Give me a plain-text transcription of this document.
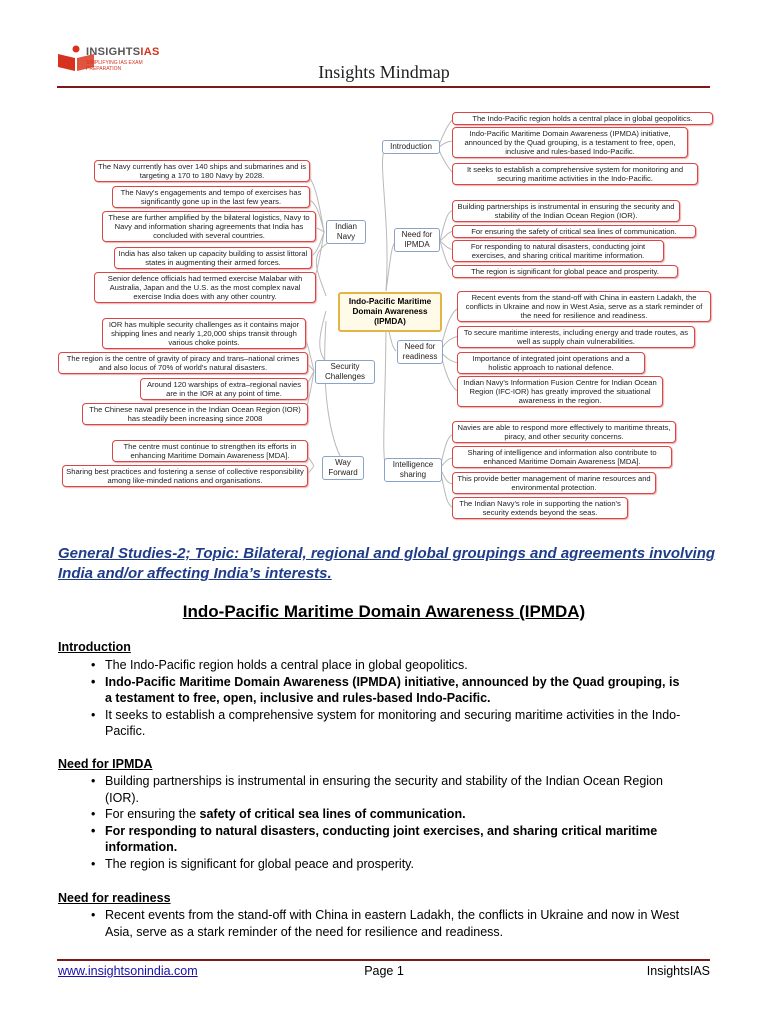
INSIGHTSIAS
SIMPLIFYING IAS EXAM PREPARATION	Insights Mindmap
Indo-Pacific Maritime Domain Awareness (IPMDA)
Introduction
Need for IPMDA
Need for readiness
Intelligence sharing
Indian Navy
Security Challenges
Way Forward
The Indo-Pacific region holds a central place in global geopolitics.
Indo-Pacific Maritime Domain Awareness (IPMDA) initiative, announced by the Quad grouping, is a testament to free, open, inclusive and rules-based Indo-Pacific.
It seeks to establish a comprehensive system for monitoring and securing maritime activities in the Indo-Pacific.
Building partnerships is instrumental in ensuring the security and stability of the Indian Ocean Region (IOR).
For ensuring the safety of critical sea lines of communication.
For responding to natural disasters, conducting joint exercises, and sharing critical maritime information.
The region is significant for global peace and prosperity.
Recent events from the stand-off with China in eastern Ladakh, the conflicts in Ukraine and now in West Asia, serve as a stark reminder of the need for resilience and readiness.
To secure maritime interests, including energy and trade routes, as well as supply chain vulnerabilities.
Importance of integrated joint operations and a holistic approach to national defence.
Indian Navy's Information Fusion Centre for Indian Ocean Region (IFC-IOR) has greatly improved the situational awareness in the region.
Navies are able to respond more effectively to maritime threats, piracy, and other security concerns.
Sharing of intelligence and information also contribute to enhanced Maritime Domain Awareness [MDA].
This provide better management of marine resources and environmental protection.
The Indian Navy's role in supporting the nation's security extends beyond the seas.
The Navy currently has over 140 ships and submarines and is targeting a 170 to 180 Navy by 2028.
The Navy's engagements and tempo of exercises has significantly gone up in the last few years.
These are further amplified by the bilateral logistics, Navy to Navy and information sharing agreements that India has concluded with several countries.
India has also taken up capacity building to assist littoral states in augmenting their armed forces.
Senior defence officials had termed exercise Malabar with Australia, Japan and the U.S. as the most complex naval exercise India does with any other country.
IOR has multiple security challenges as it contains major shipping lines and nearly 1,20,000 ships transit through various choke points.
The region is the centre of gravity of piracy and trans–national crimes and also locus of 70% of world's natural disasters.
Around 120 warships of extra–regional navies are in the IOR at any point of time.
The Chinese naval presence in the Indian Ocean Region (IOR) has steadily been increasing since 2008
The centre must continue to strengthen its efforts in enhancing Maritime Domain Awareness [MDA].
Sharing best practices and fostering a sense of collective responsibility among like-minded nations and organisations.
General Studies-2; Topic: Bilateral, regional and global groupings and agreements involving India and/or affecting India’s interests.
Indo-Pacific Maritime Domain Awareness (IPMDA)
Introduction
• The Indo-Pacific region holds a central place in global geopolitics.
• Indo-Pacific Maritime Domain Awareness (IPMDA) initiative, announced by the Quad grouping, is a testament to free, open, inclusive and rules-based Indo-Pacific.
• It seeks to establish a comprehensive system for monitoring and securing maritime activities in the Indo-Pacific.
Need for IPMDA
• Building partnerships is instrumental in ensuring the security and stability of the Indian Ocean Region (IOR).
• For ensuring the safety of critical sea lines of communication.
• For responding to natural disasters, conducting joint exercises, and sharing critical maritime information.
• The region is significant for global peace and prosperity.
Need for readiness
• Recent events from the stand-off with China in eastern Ladakh, the conflicts in Ukraine and now in West Asia, serve as a stark reminder of the need for resilience and readiness.
www.insightsonindia.com	Page 1	InsightsIAS
